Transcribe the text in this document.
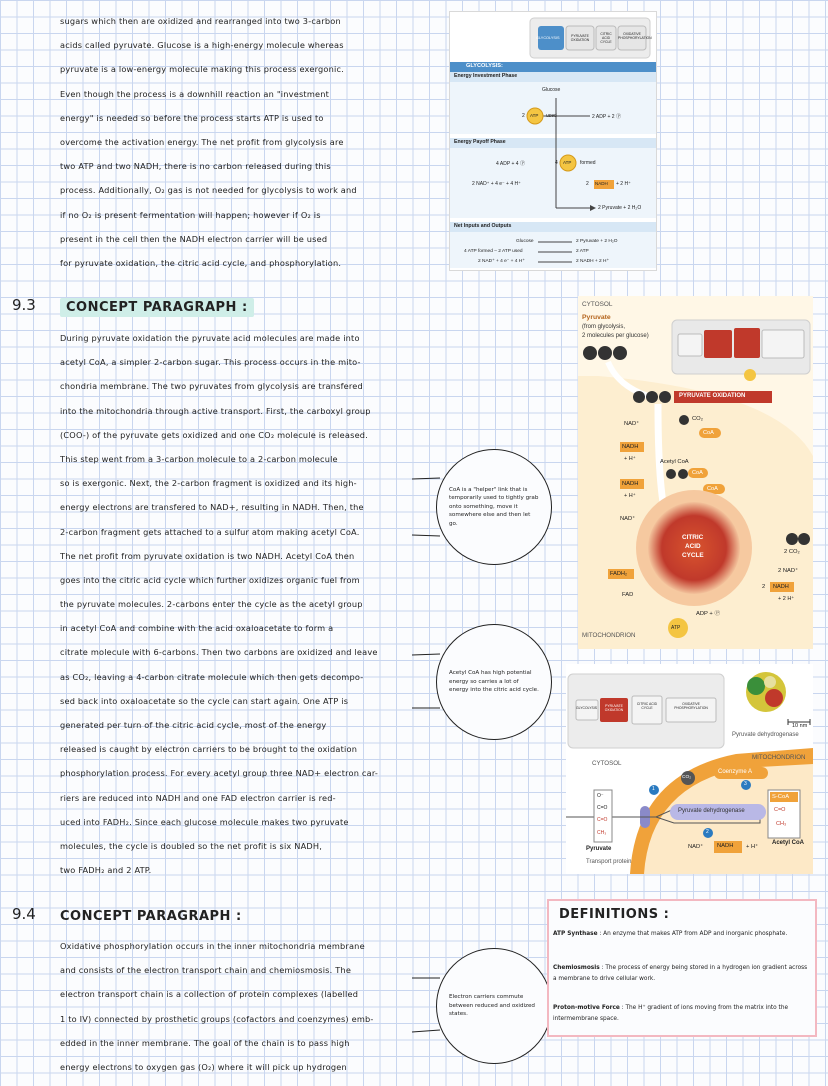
sugars which then are oxidized and rearranged into two 3-carbon
acids called pyruvate. Glucose is a high-energy molecule whereas
pyruvate is a low-energy molecule making this process exergonic.
Even though the process is a downhill reaction an "investment
energy" is needed so before the process starts ATP is used to
overcome the activation energy. The net profit from glycolysis are
two ATP and two NADH, there is no carbon released during this
process. Additionally, O₂ gas is not needed for glycolysis to work and
if no O₂ is present fermentation will happen; however if O₂ is
present in the cell then the NADH electron carrier will be used
for pyruvate oxidation, the citric acid cycle, and phosphorylation.
9.3	CONCEPT PARAGRAPH :
During pyruvate oxidation the pyruvate acid molecules are made into
acetyl CoA, a simpler 2-carbon sugar. This process occurs in the mito-
chondria membrane. The two pyruvates from glycolysis are transfered
into the mitochondria through active transport. First, the carboxyl group
(COO-) of the pyruvate gets oxidized and one CO₂ molecule is released.
This step went from a 3-carbon molecule to a 2-carbon molecule
so is exergonic. Next, the 2-carbon fragment is oxidized and its high-
energy electrons are transfered to NAD+, resulting in NADH. Then, the
2-carbon fragment gets attached to a sulfur atom making acetyl CoA.
The net profit from pyruvate oxidation is two NADH. Acetyl CoA then
goes into the citric acid cycle which further oxidizes organic fuel from
the pyruvate molecules. 2-carbons enter the cycle as the acetyl group
in acetyl CoA and combine with the acid oxaloacetate to form a
citrate molecule with 6-carbons. Then two carbons are oxidized and leave
as CO₂, leaving a 4-carbon citrate molecule which then gets decompo-
sed back into oxaloacetate so the cycle can start again. One ATP is
generated per turn of the citric acid cycle, most of the energy
released is caught by electron carriers to be brought to the oxidation
phosphorylation process. For every acetyl group three NAD+ electron car-
riers are reduced into NADH and one FAD electron carrier is red-
uced into FADH₂. Since each glucose molecule makes two pyruvate
molecules, the cycle is doubled so the net profit is six NADH,
two FADH₂ and 2 ATP.
9.4 CONCEPT PARAGRAPH :
Oxidative phosphorylation occurs in the inner mitochondria membrane
and consists of the electron transport chain and chemiosmosis. The
electron transport chain is a collection of protein complexes (labelled
1 to IV) connected by prosthetic groups (cofactors and coenzymes) emb-
edded in the inner membrane. The goal of the chain is to pass high
energy electrons to oxygen gas (O₂) where it will pick up hydrogen
CoA is a "helper" link that is temporarily used to tightly grab onto something, move it somewhere else and then let go.
Acetyl CoA has high potential energy so carries a lot of energy into the citric acid cycle.
Electron carriers commute between reduced and oxidized states.
GLYCOLYSIS	PYRUVATE OXIDATION
CITRIC ACID CYCLE
OXIDATIVE PHOSPHORYLATION
GLYCOLYSIS:
Energy Investment Phase
Glucose
2 ATP used	2 ADP + 2 Ⓟ
Energy Payoff Phase
4 ADP + 4 Ⓟ	4 ATP formed
2 NAD⁺ + 4 e⁻ + 4 H⁺	2 NADH + 2 H⁺
2 Pyruvate + 2 H₂O
Net Inputs and Outputs
Glucose	2 Pyruvate + 2 H₂O
4 ATP formed – 2 ATP used	2 ATP
2 NAD⁺ + 4 e⁻ + 4 H⁺	2 NADH + 2 H⁺
CYTOSOL
Pyruvate
(from glycolysis,
2 molecules per glucose)
PYRUVATE OXIDATION
NAD⁺
CO₂
CoA
NADH
+ H⁺	Acetyl CoA
CoA
NADH
+ H⁺
CoA
NAD⁺
CITRIC
ACID
CYCLE	2 CO₂
2 NAD⁺
FADH₂
2 NADH
+ 2 H⁺
FAD
ADP + Ⓟ
ATP
MITOCHONDRION
GLYCOLYSIS	PYRUVATE OXIDATION
CITRIC ACID CYCLE
OXIDATIVE PHOSPHORYLATION
10 nm
Pyruvate dehydrogenase
CYTOSOL
MITOCHONDRION
CO₂
Coenzyme A
Pyruvate dehydrogenase
S-CoA
C=O
CH₃
Acetyl CoA
O⁻
C=O
C=O
CH₃
Pyruvate
Transport protein
NAD⁺ NADH + H⁺
1
2
3
DEFINITIONS :
ATP Synthase : An enzyme that makes ATP from ADP and inorganic phosphate.
Chemiosmosis : The process of energy being stored in a hydrogen ion gradient across a membrane to drive cellular work.
Proton-motive Force : The H⁺ gradient of ions moving from the matrix into the intermembrane space.
